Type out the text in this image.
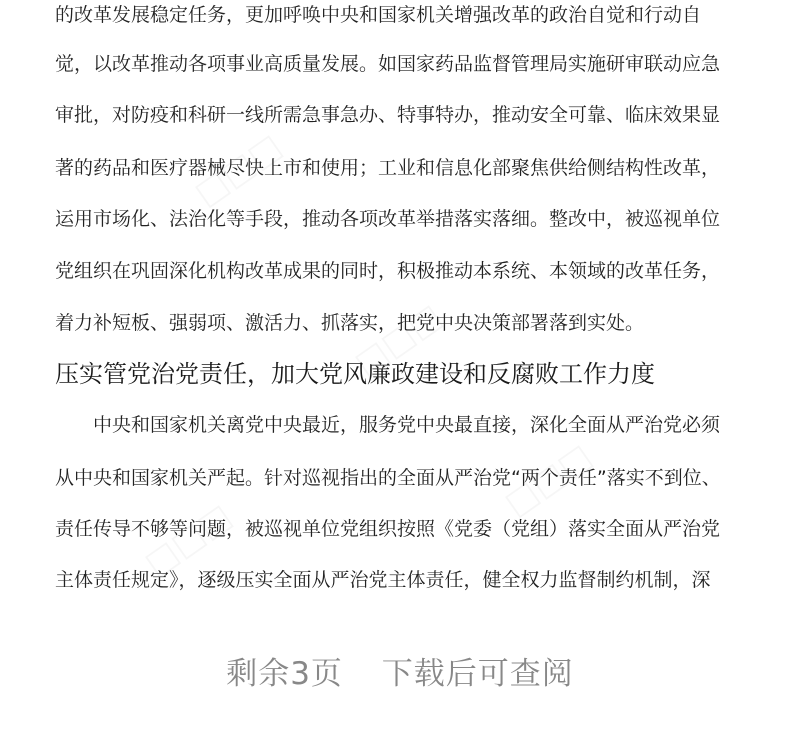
的改革发展稳定任务，更加呼唤中央和国家机关增强改革的政治自觉和行动自
觉，以改革推动各项事业高质量发展。如国家药品监督管理局实施研审联动应急
审批，对防疫和科研一线所需急事急办、特事特办，推动安全可靠、临床效果显
著的药品和医疗器械尽快上市和使用；工业和信息化部聚焦供给侧结构性改革，
运用市场化、法治化等手段，推动各项改革举措落实落细。整改中，被巡视单位
党组织在巩固深化机构改革成果的同时，积极推动本系统、本领域的改革任务，
着力补短板、强弱项、激活力、抓落实，把党中央决策部署落到实处。
压实管党治党责任，加大党风廉政建设和反腐败工作力度
中央和国家机关离党中央最近，服务党中央最直接，深化全面从严治党必须
从中央和国家机关严起。针对巡视指出的全面从严治党“两个责任”落实不到位、
责任传导不够等问题，被巡视单位党组织按照《党委（党组）落实全面从严治党
主体责任规定》，逐级压实全面从严治党主体责任，健全权力监督制约机制，深
剩余3页 下载后可查阅
